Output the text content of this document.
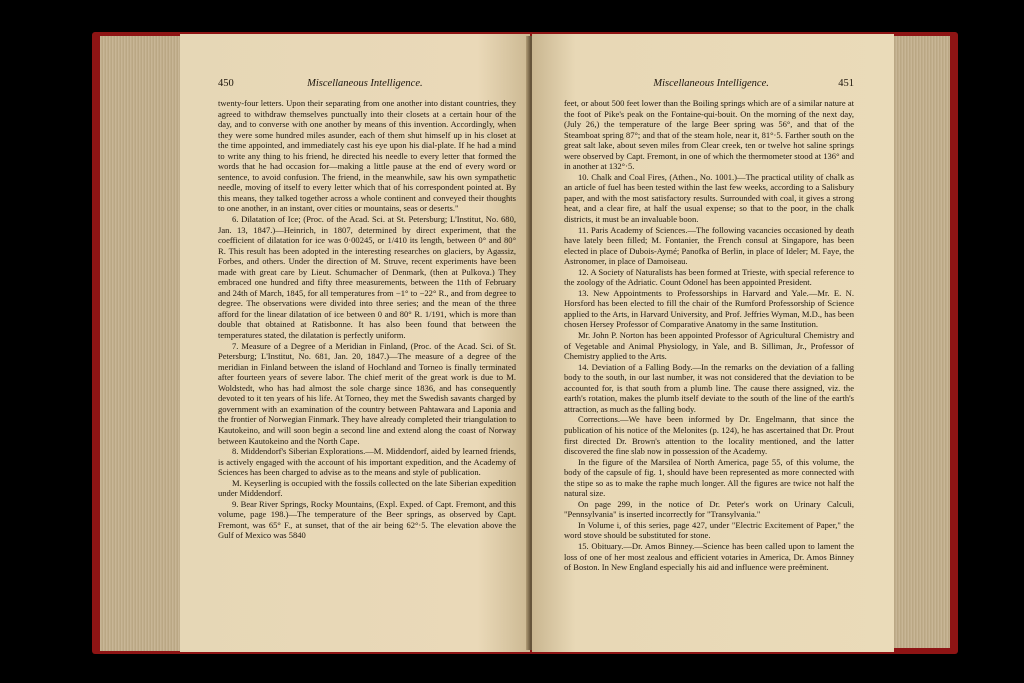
450	Miscellaneous Intelligence.

twenty-four letters. Upon their separating from one another into distant countries, they agreed to withdraw themselves punctually into their closets at a certain hour of the day, and to converse with one another by means of this invention. Accordingly, when they were some hundred miles asunder, each of them shut himself up in his closet at the time appointed, and immediately cast his eye upon his dial-plate. If he had a mind to write any thing to his friend, he directed his needle to every letter that formed the words that he had occasion for—making a little pause at the end of every word or sentence, to avoid confusion. The friend, in the meanwhile, saw his own sympathetic needle, moving of itself to every letter which that of his correspondent pointed at. By this means, they talked together across a whole continent and conveyed their thoughts to one another, in an instant, over cities or mountains, seas or deserts."

6. Dilatation of Ice; (Proc. of the Acad. Sci. at St. Petersburg; L'Institut, No. 680, Jan. 13, 1847.)—Heinrich, in 1807, determined by direct experiment, that the coefficient of dilatation for ice was 0·00245, or 1/410 its length, between 0° and 80° R. This result has been adopted in the interesting researches on glaciers, by Agassiz, Forbes, and others. Under the direction of M. Struve, recent experiments have been made with great care by Lieut. Schumacher of Denmark, (then at Pulkova.) They embraced one hundred and fifty three measurements, between the 11th of February and 24th of March, 1845, for all temperatures from −1° to −22° R., and from degree to degree. The observations were divided into three series; and the mean of the three afford for the linear dilatation of ice between 0 and 80° R. 1/191, which is more than double that obtained at Ratisbonne. It has also been found that between the temperatures stated, the dilatation is perfectly uniform.

7. Measure of a Degree of a Meridian in Finland, (Proc. of the Acad. Sci. of St. Petersburg; L'Institut, No. 681, Jan. 20, 1847.)—The measure of a degree of the meridian in Finland between the island of Hochland and Torneo is finally terminated after fourteen years of severe labor. The chief merit of the great work is due to M. Woldstedt, who has had almost the sole charge since 1836, and has consequently devoted to it ten years of his life. At Torneo, they met the Swedish savants charged by government with an examination of the country between Pahtawara and Laponia and the frontier of Norwegian Finmark. They have already completed their triangulation to Kautokeino, and will soon begin a second line and extend along the coast of Norway between Kautokeino and the North Cape.

8. Middendorf's Siberian Explorations.—M. Middendorf, aided by learned friends, is actively engaged with the account of his important expedition, and the Academy of Sciences has been charged to advise as to the means and style of publication.

M. Keyserling is occupied with the fossils collected on the late Siberian expedition under Middendorf.

9. Bear River Springs, Rocky Mountains, (Expl. Exped. of Capt. Fremont, and this volume, page 198.)—The temperature of the Beer springs, as observed by Capt. Fremont, was 65° F., at sunset, that of the air being 62°·5. The elevation above the Gulf of Mexico was 5840

Miscellaneous Intelligence.	451

feet, or about 500 feet lower than the Boiling springs which are of a similar nature at the foot of Pike's peak on the Fontaine-qui-bouit. On the morning of the next day, (July 26,) the temperature of the large Beer spring was 56°, and that of the Steamboat spring 87°; and that of the steam hole, near it, 81°·5. Farther south on the great salt lake, about seven miles from Clear creek, ten or twelve hot saline springs were observed by Capt. Fremont, in one of which the thermometer stood at 136° and in another at 132°·5.

10. Chalk and Coal Fires, (Athen., No. 1001.)—The practical utility of chalk as an article of fuel has been tested within the last few weeks, according to a Salisbury paper, and with the most satisfactory results. Surrounded with coal, it gives a strong heat, and a clear fire, at half the usual expense; so that to the poor, in the chalk districts, it must be an invaluable boon.

11. Paris Academy of Sciences.—The following vacancies occasioned by death have lately been filled; M. Fontanier, the French consul at Singapore, has been elected in place of Dubois-Aymé; Panofka of Berlin, in place of Ideler; M. Faye, the Astronomer, in place of Damoiseau.

12. A Society of Naturalists has been formed at Trieste, with special reference to the zoology of the Adriatic. Count Odonel has been appointed President.

13. New Appointments to Professorships in Harvard and Yale.—Mr. E. N. Horsford has been elected to fill the chair of the Rumford Professorship of Science applied to the Arts, in Harvard University, and Prof. Jeffries Wyman, M.D., has been chosen Hersey Professor of Comparative Anatomy in the same Institution.

Mr. John P. Norton has been appointed Professor of Agricultural Chemistry and of Vegetable and Animal Physiology, in Yale, and B. Silliman, Jr., Professor of Chemistry applied to the Arts.

14. Deviation of a Falling Body.—In the remarks on the deviation of a falling body to the south, in our last number, it was not considered that the deviation to be accounted for, is that south from a plumb line. The cause there assigned, viz. the earth's rotation, makes the plumb itself deviate to the south of the line of the earth's attraction, as much as the falling body.

Corrections.—We have been informed by Dr. Engelmann, that since the publication of his notice of the Melonites (p. 124), he has ascertained that Dr. Prout first directed Dr. Brown's attention to the locality mentioned, and the latter discovered the fine slab now in possession of the Academy.

In the figure of the Marsilea of North America, page 55, of this volume, the body of the capsule of fig. 1, should have been represented as more connected with the stipe so as to make the raphe much longer. All the figures are twice not half the natural size.

On page 299, in the notice of Dr. Peter's work on Urinary Calculi, "Pennsylvania" is inserted incorrectly for "Transylvania."

In Volume i, of this series, page 427, under "Electric Excitement of Paper," the word stove should be substituted for stone.

15. Obituary.—Dr. Amos Binney.—Science has been called upon to lament the loss of one of her most zealous and efficient votaries in America, Dr. Amos Binney of Boston. In New England especially his aid and influence were preëminent.
